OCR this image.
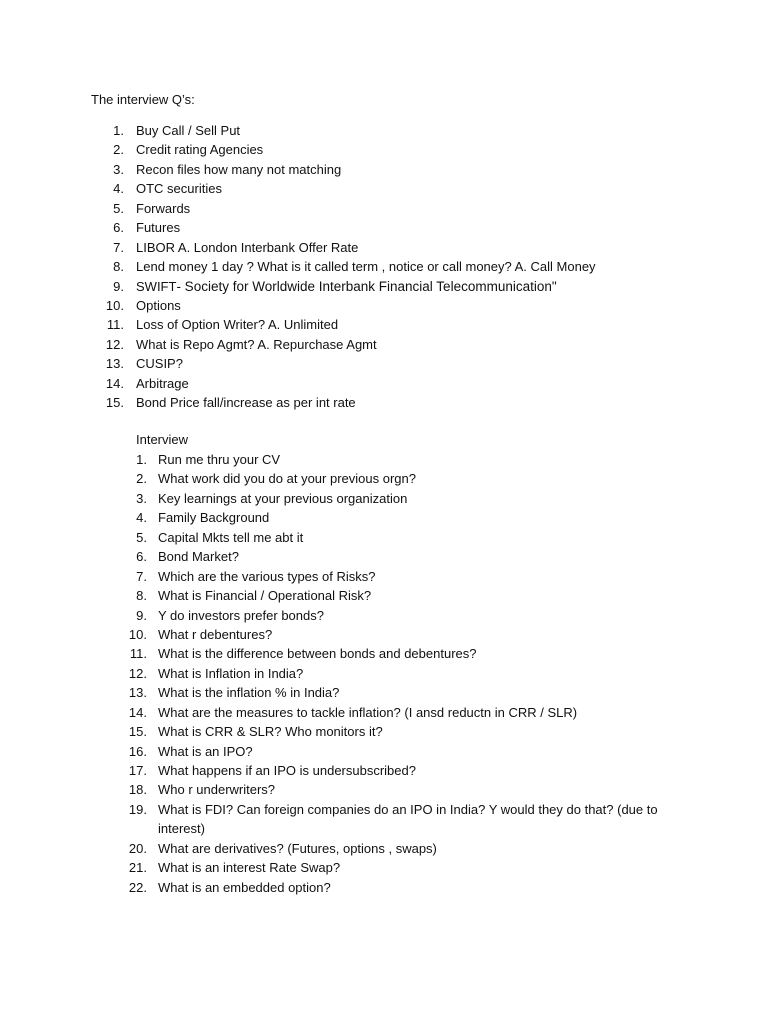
The interview Q’s:
1. Buy Call / Sell Put
2. Credit rating Agencies
3. Recon files how many not matching
4. OTC securities
5. Forwards
6. Futures
7. LIBOR A. London Interbank Offer Rate
8. Lend money 1 day ? What is it called term , notice or call money? A. Call Money
9. SWIFT- Society for Worldwide Interbank Financial Telecommunication"
10. Options
11. Loss of Option Writer? A. Unlimited
12. What is Repo Agmt? A. Repurchase Agmt
13. CUSIP?
14. Arbitrage
15. Bond Price fall/increase as per int rate
Interview
1. Run me thru your CV
2. What work did you do at your previous orgn?
3. Key learnings at your previous organization
4. Family Background
5. Capital Mkts tell me abt it
6. Bond Market?
7. Which are the various types of Risks?
8. What is Financial / Operational Risk?
9. Y do investors prefer bonds?
10. What r debentures?
11. What is the difference between bonds and debentures?
12. What is Inflation in India?
13. What is the inflation % in India?
14. What are the measures to tackle inflation? (I ansd reductn in CRR / SLR)
15. What is CRR & SLR? Who monitors it?
16. What is an IPO?
17. What happens if an IPO is undersubscribed?
18. Who r underwriters?
19. What is FDI? Can foreign companies do an IPO in India? Y would they do that? (due to interest)
20. What are derivatives? (Futures, options , swaps)
21. What is an interest Rate Swap?
22. What is an embedded option?
